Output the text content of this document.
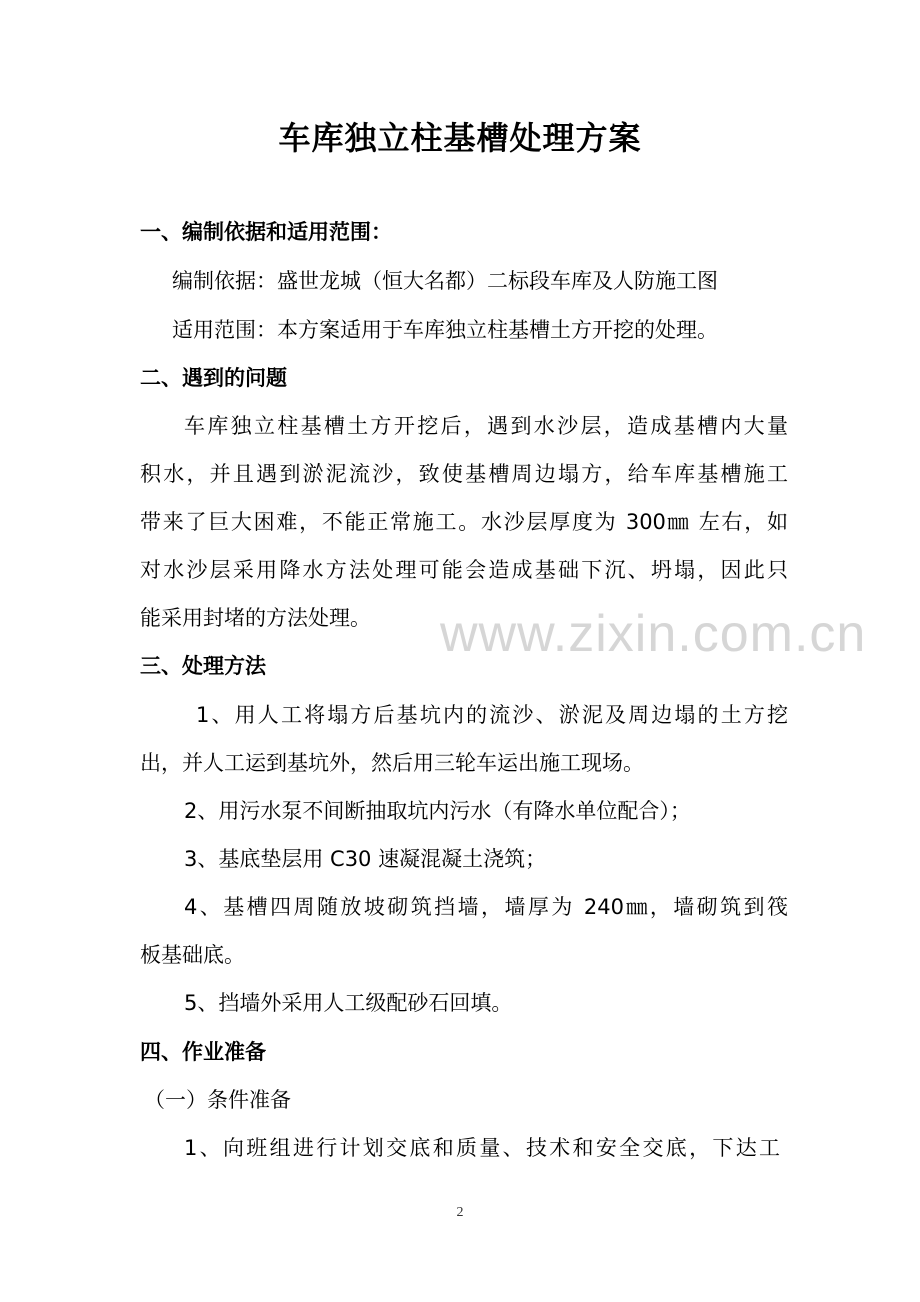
车库独立柱基槽处理方案
一、编制依据和适用范围：
编制依据：盛世龙城（恒大名都）二标段车库及人防施工图
适用范围：本方案适用于车库独立柱基槽土方开挖的处理。
二、遇到的问题
车库独立柱基槽土方开挖后，遇到水沙层，造成基槽内大量
积水，并且遇到淤泥流沙，致使基槽周边塌方，给车库基槽施工
带来了巨大困难，不能正常施工。水沙层厚度为 300㎜ 左右，如
对水沙层采用降水方法处理可能会造成基础下沉、坍塌，因此只
能采用封堵的方法处理。	www.zixin.com.cn
三、处理方法
1、用人工将塌方后基坑内的流沙、淤泥及周边塌的土方挖
出，并人工运到基坑外，然后用三轮车运出施工现场。
2、用污水泵不间断抽取坑内污水（有降水单位配合）；
3、基底垫层用 C30 速凝混凝土浇筑；
4、基槽四周随放坡砌筑挡墙，墙厚为 240㎜，墙砌筑到筏
板基础底。
5、挡墙外采用人工级配砂石回填。
四、作业准备
（一）条件准备
1、向班组进行计划交底和质量、技术和安全交底，下达工
2
